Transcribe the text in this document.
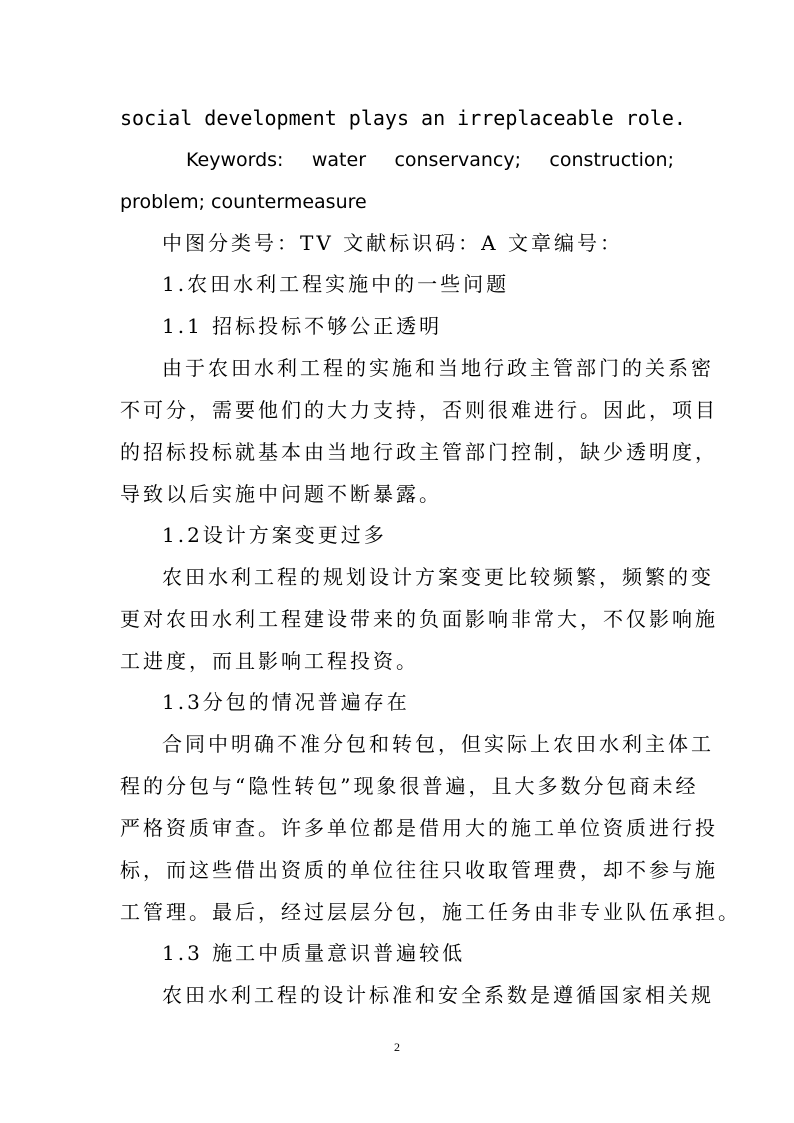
social development plays an irreplaceable role.
Keywords: water conservancy; construction;
problem; countermeasure
中图分类号：TV 文献标识码：A 文章编号：
1.农田水利工程实施中的一些问题
1.1 招标投标不够公正透明
由于农田水利工程的实施和当地行政主管部门的关系密
不可分，需要他们的大力支持，否则很难进行。因此，项目
的招标投标就基本由当地行政主管部门控制，缺少透明度，
导致以后实施中问题不断暴露。
1.2设计方案变更过多
农田水利工程的规划设计方案变更比较频繁，频繁的变
更对农田水利工程建设带来的负面影响非常大，不仅影响施
工进度，而且影响工程投资。
1.3分包的情况普遍存在
合同中明确不准分包和转包，但实际上农田水利主体工
程的分包与“隐性转包”现象很普遍，且大多数分包商未经
严格资质审查。许多单位都是借用大的施工单位资质进行投
标，而这些借出资质的单位往往只收取管理费，却不参与施
工管理。最后，经过层层分包，施工任务由非专业队伍承担。
1.3 施工中质量意识普遍较低
农田水利工程的设计标准和安全系数是遵循国家相关规
2
